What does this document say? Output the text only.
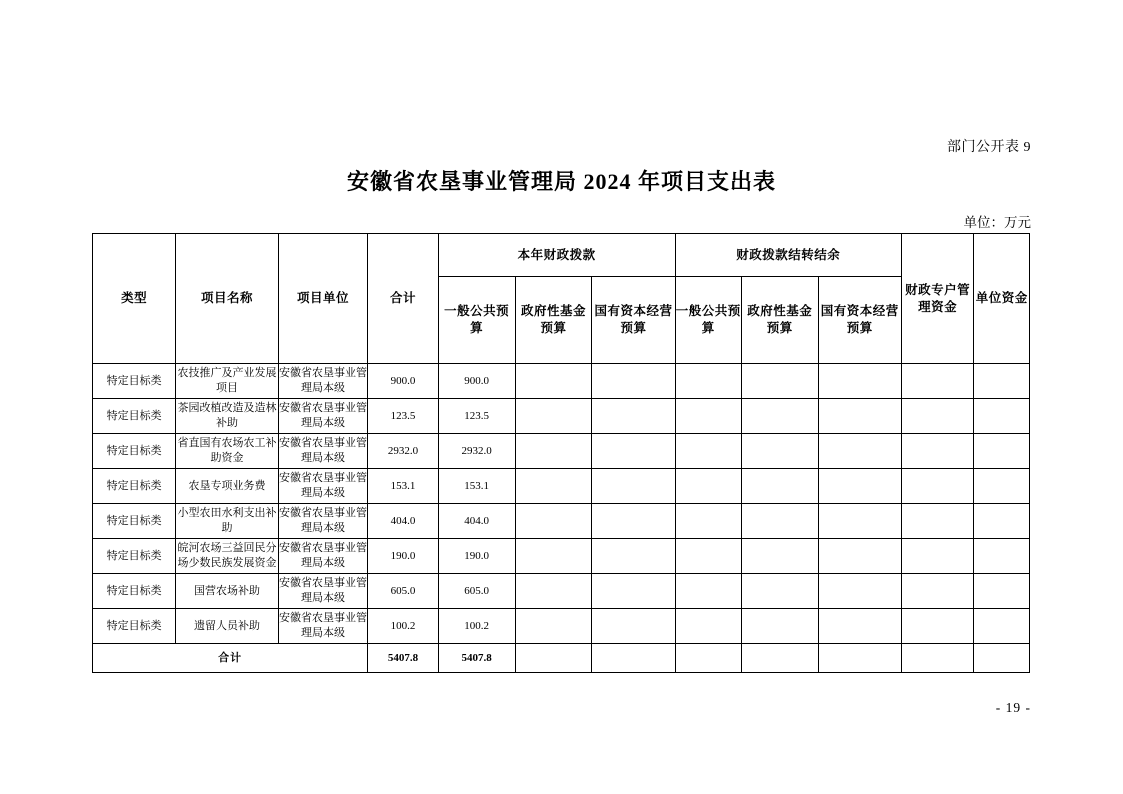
部门公开表 9
安徽省农垦事业管理局 2024 年项目支出表
单位：万元
类型	项目名称	项目单位	合计	本年财政拨款			财政拨款结转结余			财政专户管理资金	单位资金
				一般公共预算	政府性基金预算	国有资本经营预算	一般公共预算	政府性基金预算	国有资本经营预算		
特定目标类	农技推广及产业发展项目	安徽省农垦事业管理局本级	900.0	900.0							
特定目标类	茶园改植改造及造林补助	安徽省农垦事业管理局本级	123.5	123.5							
特定目标类	省直国有农场农工补助资金	安徽省农垦事业管理局本级	2932.0	2932.0							
特定目标类	农垦专项业务费	安徽省农垦事业管理局本级	153.1	153.1							
特定目标类	小型农田水利支出补助	安徽省农垦事业管理局本级	404.0	404.0							
特定目标类	皖河农场三益回民分场少数民族发展资金	安徽省农垦事业管理局本级	190.0	190.0							
特定目标类	国营农场补助	安徽省农垦事业管理局本级	605.0	605.0							
特定目标类	遗留人员补助	安徽省农垦事业管理局本级	100.2	100.2							
合计			5407.8	5407.8							
- 19 -
